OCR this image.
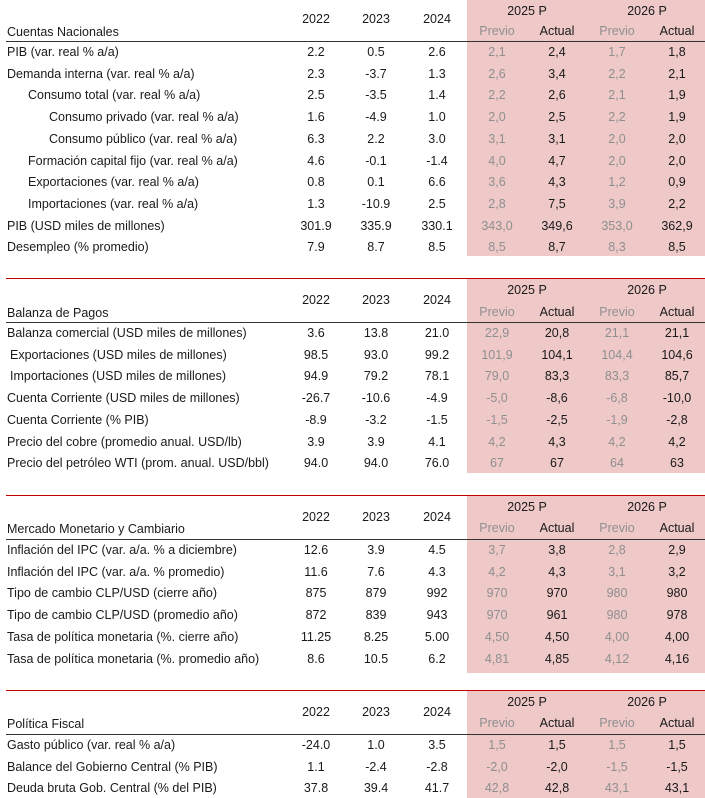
Cuentas Nacionales
2022	2023	2024
2025 P	2026 P
Previo	Actual	Previo	Actual
PIB (var. real % a/a)	2.2	0.5	2.6	2,1	2,4	1,7	1,8
Demanda interna (var. real % a/a)	2.3	-3.7	1.3	2,6	3,4	2,2	2,1
Consumo total (var. real % a/a)	2.5	-3.5	1.4	2,2	2,6	2,1	1,9
Consumo privado (var. real % a/a)	1.6	-4.9	1.0	2,0	2,5	2,2	1,9
Consumo público (var. real % a/a)	6.3	2.2	3.0	3,1	3,1	2,0	2,0
Formación capital fijo (var. real % a/a)	4.6	-0.1	-1.4	4,0	4,7	2,0	2,0
Exportaciones (var. real % a/a)	0.8	0.1	6.6	3,6	4,3	1,2	0,9
Importaciones (var. real % a/a)	1.3	-10.9	2.5	2,8	7,5	3,9	2,2
PIB (USD miles de millones)	301.9	335.9	330.1	343,0	349,6	353,0	362,9
Desempleo (% promedio)	7.9	8.7	8.5	8,5	8,7	8,3	8,5
Balanza de Pagos
2022	2023	2024
2025 P	2026 P
Previo	Actual	Previo	Actual
Balanza comercial (USD miles de millones)	3.6	13.8	21.0	22,9	20,8	21,1	21,1
Exportaciones (USD miles de millones)	98.5	93.0	99.2	101,9	104,1	104,4	104,6
Importaciones (USD miles de millones)	94.9	79.2	78.1	79,0	83,3	83,3	85,7
Cuenta Corriente (USD miles de millones)	-26.7	-10.6	-4.9	-5,0	-8,6	-6,8	-10,0
Cuenta Corriente (% PIB)	-8.9	-3.2	-1.5	-1,5	-2,5	-1,9	-2,8
Precio del cobre (promedio anual. USD/lb)	3.9	3.9	4.1	4,2	4,3	4,2	4,2
Precio del petróleo WTI (prom. anual. USD/bbl)	94.0	94.0	76.0	67	67	64	63
Mercado Monetario y Cambiario
2022	2023	2024
2025 P	2026 P
Previo	Actual	Previo	Actual
Inflación del IPC (var. a/a. % a diciembre)	12.6	3.9	4.5	3,7	3,8	2,8	2,9
Inflación del IPC (var. a/a. % promedio)	11.6	7.6	4.3	4,2	4,3	3,1	3,2
Tipo de cambio CLP/USD (cierre año)	875	879	992	970	970	980	980
Tipo de cambio CLP/USD (promedio año)	872	839	943	970	961	980	978
Tasa de política monetaria (%. cierre año)	11.25	8.25	5.00	4,50	4,50	4,00	4,00
Tasa de política monetaria (%. promedio año)	8.6	10.5	6.2	4,81	4,85	4,12	4,16
Política Fiscal
2022	2023	2024
2025 P	2026 P
Previo	Actual	Previo	Actual
Gasto público (var. real % a/a)	-24.0	1.0	3.5	1,5	1,5	1,5	1,5
Balance del Gobierno Central (% PIB)	1.1	-2.4	-2.8	-2,0	-2,0	-1,5	-1,5
Deuda bruta Gob. Central (% del PIB)	37.8	39.4	41.7	42,8	42,8	43,1	43,1
